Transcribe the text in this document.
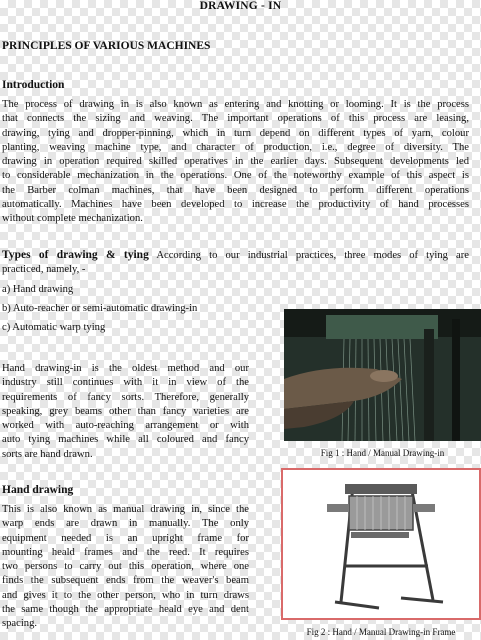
DRAWING - IN
PRINCIPLES OF VARIOUS MACHINES
Introduction
The process of drawing in is also known as entering and knotting or looming. It is the process
that connects the sizing and weaving. The important operations of this process are leasing,
drawing, tying and dropper-pinning, which in turn depend on different types of yarn, colour
planting, weaving machine type, and character of production, i.e., degree of diversity. The
drawing in operation required skilled operatives in the earlier days. Subsequent developments led
to considerable mechanization in the operations. One of the noteworthy example of this aspect is
the Barber colman machines, that have been designed to perform different operations
automatically. Machines have been developed to increase the productivity of hand processes
without complete mechanization.
Types of drawing & tying According to our industrial practices, three modes of tying are
practiced, namely, -
a) Hand drawing
b) Auto-reacher or semi-automatic drawing-in
c) Automatic warp tying
Hand drawing-in is the oldest method and our
industry still continues with it in view of the
requirements of fancy sorts. Therefore, generally
speaking, grey beams other than fancy varieties are
worked with auto-reaching arrangement or with
auto tying machines while all coloured and fancy
sorts are hand drawn.	Fig 1 : Hand / Manual Drawing-in
Hand drawing
This is also known as manual drawing in, since the
warp ends are drawn in manually. The only
equipment needed is an upright frame for
mounting heald frames and the reed. It requires
two persons to carry out this operation, where one
finds the subsequent ends from the weaver's beam
and gives it to the other person, who in turn draws
the same though the appropriate heald eye and dent
spacing.
Fig 2 : Hand / Manual Drawing-in Frame
